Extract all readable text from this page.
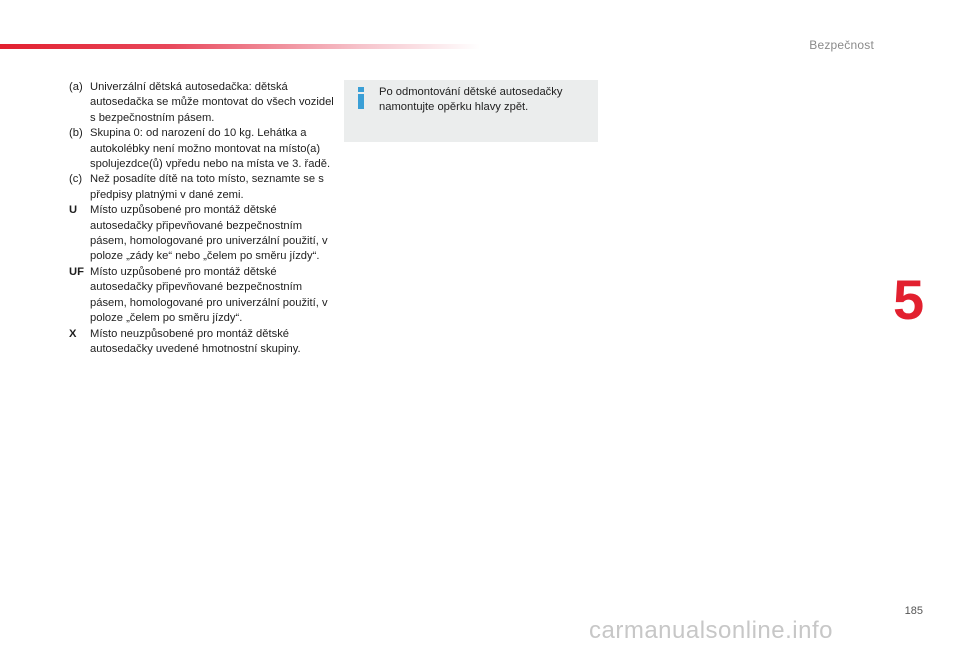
Bezpečnost
5
(a) Univerzální dětská autosedačka: dětská autosedačka se může montovat do všech vozidel s bezpečnostním pásem.
(b) Skupina 0: od narození do 10 kg. Lehátka a autokolébky není možno montovat na místo(a) spolujezdce(ů) vpředu nebo na místa ve 3. řadě.
(c) Než posadíte dítě na toto místo, seznamte se s předpisy platnými v dané zemi.
U	Místo uzpůsobené pro montáž dětské autosedačky připevňované bezpečnostním pásem, homologované pro univerzální použití, v poloze „zády ke“ nebo „čelem po směru jízdy“.
UF Místo uzpůsobené pro montáž dětské autosedačky připevňované bezpečnostním pásem, homologované pro univerzální použití, v poloze „čelem po směru jízdy“.
X	Místo neuzpůsobené pro montáž dětské autosedačky uvedené hmotnostní skupiny.
Po odmontování dětské autosedačky namontujte opěrku hlavy zpět.
185
carmanualsonline.info
